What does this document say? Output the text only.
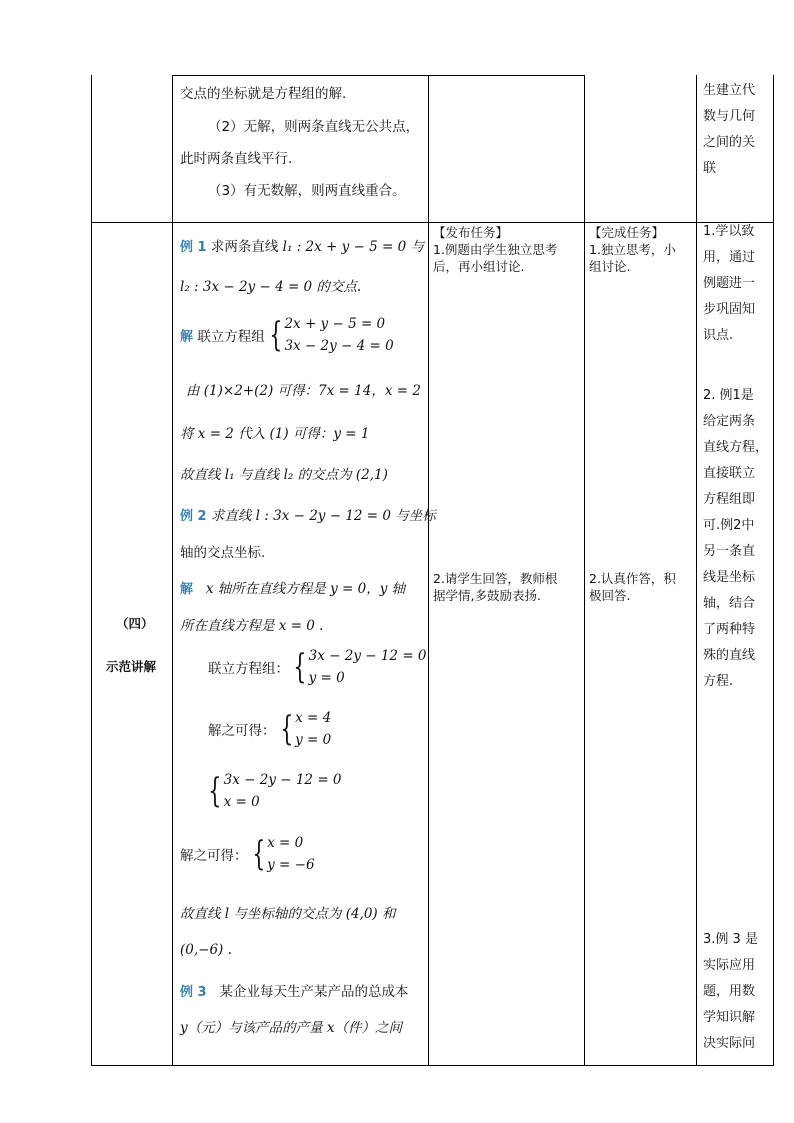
交点的坐标就是方程组的解.
（2）无解，则两条直线无公共点，
此时两条直线平行.
（3）有无数解，则两直线重合。
生建立代
数与几何
之间的关
联
（四）
示范讲解
例 1 求两条直线 l₁ : 2x + y − 5 = 0 与
l₂ : 3x − 2y − 4 = 0 的交点.
解 联立方程组 { 2x + y − 5 = 0
3x − 2y − 4 = 0
由 (1)×2+(2) 可得：7x = 14，x = 2
将 x = 2 代入 (1) 可得：y = 1
故直线 l₁ 与直线 l₂ 的交点为 (2,1)
例 2 求直线 l : 3x − 2y − 12 = 0 与坐标
轴的交点坐标.
解 x 轴所在直线方程是 y = 0，y 轴
所在直线方程是 x = 0 .
联立方程组： { 3x − 2y − 12 = 0
y = 0
解之可得： { x = 4
y = 0
{ 3x − 2y − 12 = 0
x = 0
解之可得： { x = 0
y = −6
故直线 l 与坐标轴的交点为 (4,0) 和
(0,−6) .
例 3 某企业每天生产某产品的总成本
y（元）与该产品的产量 x（件）之间
【发布任务】
1.例题由学生独立思考
后，再小组讨论.
2.请学生回答，教师根
据学情,多鼓励表扬.
【完成任务】
1.独立思考，小
组讨论.
2.认真作答，积
极回答.
1.学以致
用，通过
例题进一
步巩固知
识点.
2. 例1是
给定两条
直线方程，
直接联立
方程组即
可.例2中
另一条直
线是坐标
轴，结合
了两种特
殊的直线
方程.
3.例 3 是
实际应用
题，用数
学知识解
决实际问
